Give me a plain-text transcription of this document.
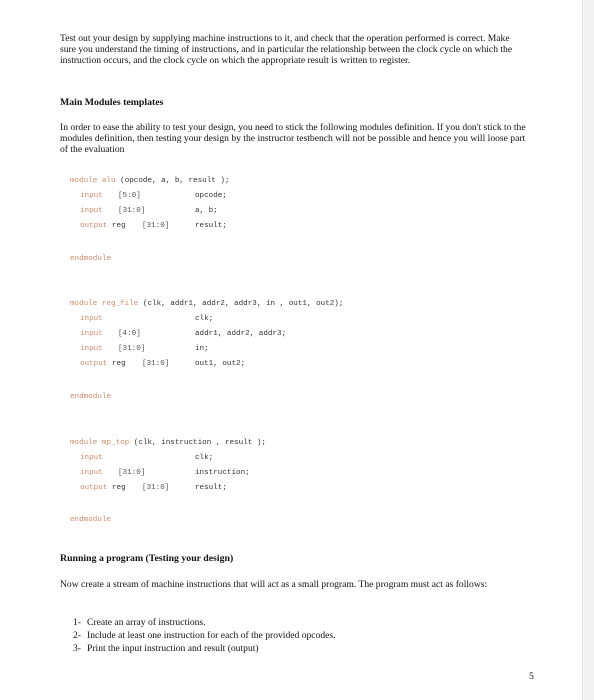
Test out your design by supplying machine instructions to it, and check that the operation performed is correct. Make sure you understand the timing of instructions, and in particular the relationship between the clock cycle on which the instruction occurs, and the clock cycle on which the appropriate result is written to register.

Main Modules templates

In order to ease the ability to test your design, you need to stick the following modules definition. If you don't stick to the modules definition, then testing your design by the instructor testbench will not be possible and hence you will loose part of the evaluation

module alu (opcode, a, b, result );
input [5:0]	opcode;
input [31:0]	a, b;
output reg [31:0]	result;
endmodule
module reg_file (clk, addr1, addr2, addr3, in , out1, out2);
input	clk;
input [4:0]	addr1, addr2, addr3;
input [31:0]	in;
output reg [31:0]	out1, out2;
endmodule
module mp_top (clk, instruction , result );
input	clk;
input [31:0]	instruction;
output reg [31:0]	result;
endmodule
Running a program (Testing your design)

Now create a stream of machine instructions that will act as a small program. The program must act as follows:

1- Create an array of instructions.
2- Include at least one instruction for each of the provided opcodes.
3- Print the input instruction and result (output)
5
